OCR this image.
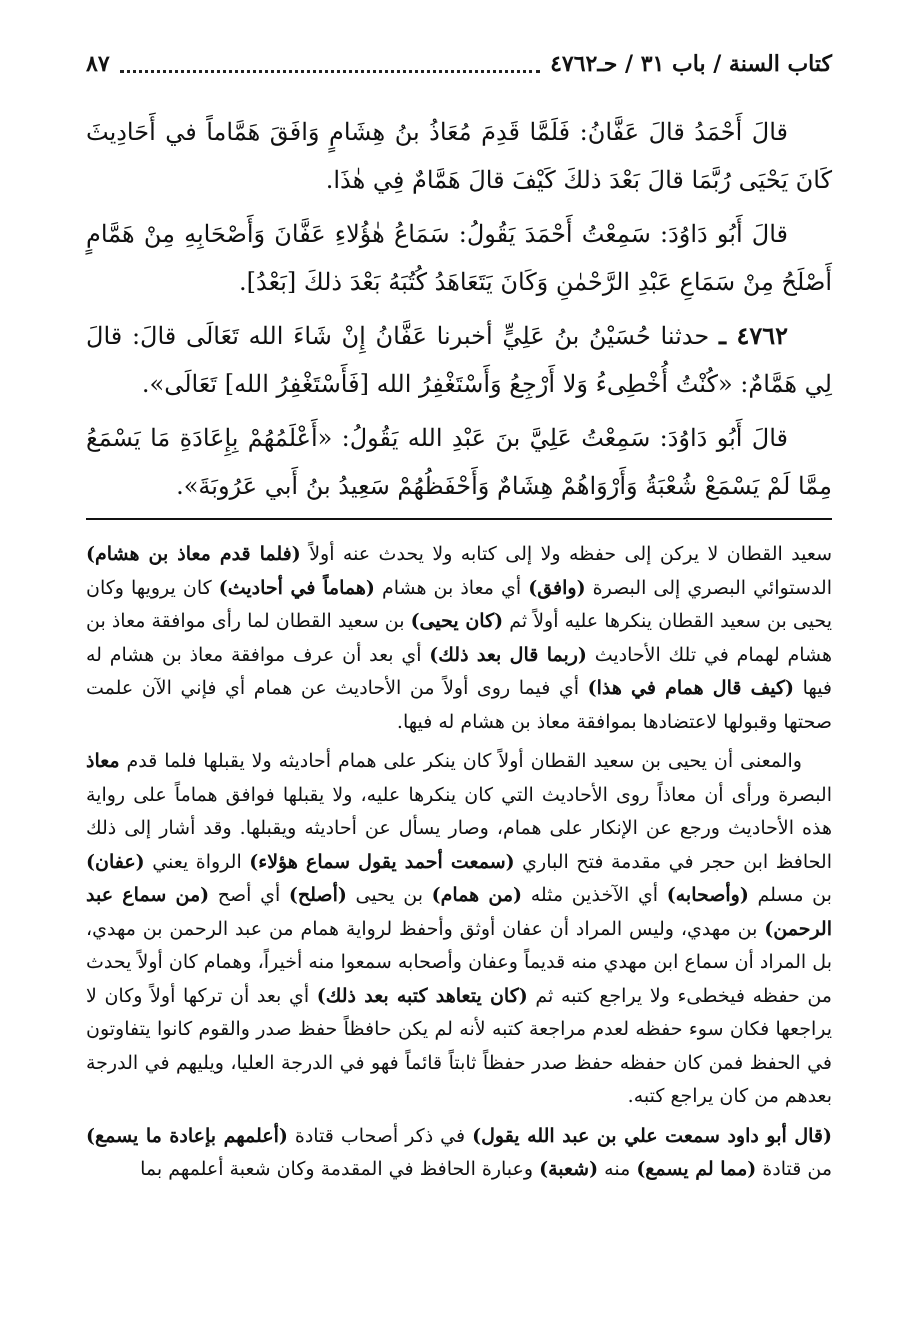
كتاب السنة / باب ٣١ / حـ٤٧٦٢
٨٧

قالَ أَحْمَدُ قالَ عَفَّانُ: فَلَمَّا قَدِمَ مُعَاذُ بنُ هِشَامٍ وَافَقَ هَمَّاماً في أَحَادِيثَ كَانَ يَحْيَى رُبَّمَا قالَ بَعْدَ ذلكَ كَيْفَ قالَ هَمَّامٌ فِي هٰذَا.

قالَ أَبُو دَاوُدَ: سَمِعْتُ أَحْمَدَ يَقُولُ: سَمَاعُ هٰؤُلاءِ عَفَّانَ وَأَصْحَابِهِ مِنْ هَمَّامٍ أَصْلَحُ مِنْ سَمَاعِ عَبْدِ الرَّحْمٰنِ وَكَانَ يَتَعَاهَدُ كُتُبَهُ بَعْدَ ذلكَ [بَعْدُ].

٤٧٦٢ ـ حدثنا حُسَيْنُ بنُ عَلِيٍّ أخبرنا عَفَّانُ إِنْ شَاءَ الله تَعَالَى قالَ: قالَ لِي هَمَّامٌ: «كُنْتُ أُخْطِىءُ وَلا أَرْجِعُ وَأَسْتَغْفِرُ الله [فَأَسْتَغْفِرُ الله] تَعَالَى».

قالَ أَبُو دَاوُدَ: سَمِعْتُ عَلِيَّ بنَ عَبْدِ الله يَقُولُ: «أَعْلَمُهُمْ بِإِعَادَةِ مَا يَسْمَعُ مِمَّا لَمْ يَسْمَعْ شُعْبَةُ وَأَرْوَاهُمْ هِشَامٌ وَأَحْفَظُهُمْ سَعِيدُ بنُ أَبي عَرُوبَةَ».

سعيد القطان لا يركن إلى حفظه ولا إلى كتابه ولا يحدث عنه أولاً (فلما قدم معاذ بن هشام) الدستوائي البصري إلى البصرة (وافق) أي معاذ بن هشام (هماماً في أحاديث) كان يرويها وكان يحيى بن سعيد القطان ينكرها عليه أولاً ثم (كان يحيى) بن سعيد القطان لما رأى موافقة معاذ بن هشام لهمام في تلك الأحاديث (ربما قال بعد ذلك) أي بعد أن عرف موافقة معاذ بن هشام له فيها (كيف قال همام في هذا) أي فيما روى أولاً من الأحاديث عن همام أي فإني الآن علمت صحتها وقبولها لاعتضادها بموافقة معاذ بن هشام له فيها.

والمعنى أن يحيى بن سعيد القطان أولاً كان ينكر على همام أحاديثه ولا يقبلها فلما قدم معاذ البصرة ورأى أن معاذاً روى الأحاديث التي كان ينكرها عليه، ولا يقبلها فوافق هماماً على رواية هذه الأحاديث ورجع عن الإنكار على همام، وصار يسأل عن أحاديثه ويقبلها. وقد أشار إلى ذلك الحافظ ابن حجر في مقدمة فتح الباري (سمعت أحمد يقول سماع هؤلاء) الرواة يعني (عفان) بن مسلم (وأصحابه) أي الآخذين مثله (من همام) بن يحيى (أصلح) أي أصح (من سماع عبد الرحمن) بن مهدي، وليس المراد أن عفان أوثق وأحفظ لرواية همام من عبد الرحمن بن مهدي، بل المراد أن سماع ابن مهدي منه قديماً وعفان وأصحابه سمعوا منه أخيراً، وهمام كان أولاً يحدث من حفظه فيخطىء ولا يراجع كتبه ثم (كان يتعاهد كتبه بعد ذلك) أي بعد أن تركها أولاً وكان لا يراجعها فكان سوء حفظه لعدم مراجعة كتبه لأنه لم يكن حافظاً حفظ صدر والقوم كانوا يتفاوتون في الحفظ فمن كان حفظه حفظ صدر حفظاً ثابتاً قائماً فهو في الدرجة العليا، ويليهم في الدرجة بعدهم من كان يراجع كتبه.

(قال أبو داود سمعت علي بن عبد الله يقول) في ذكر أصحاب قتادة (أعلمهم بإعادة ما يسمع) من قتادة (مما لم يسمع) منه (شعبة) وعبارة الحافظ في المقدمة وكان شعبة أعلمهم بما
